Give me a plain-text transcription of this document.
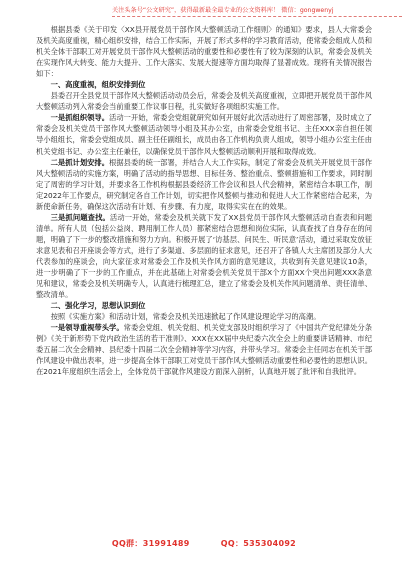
关注头条号“公文研究”，获得最新最全最专业的公文资料库！ 微信：gongwenyj

根据县委《关于印发〈XX县开展党员干部作风大整顿活动工作细则〉的通知》要求，县人大常委会及机关高度重视，精心组织安排，结合工作实际，开展了形式多样的学习教育活动，使常委会组成人员和机关全体干部职工对开展党员干部作风大整顿活动的重要性和必要性有了较为深刻的认识，常委会及机关在实现作风大转变、能力大提升、工作大落实、发展大提速等方面均取得了显著成效。现将有关情况报告如下：

一、高度重视，组织安排到位

县委召开全县党员干部作风大整顿活动动员会后，常委会及机关高度重视，立即把开展党员干部作风大整顿活动列入常委会当前重要工作议事日程，扎实做好各项组织实施工作。

一是抓组织领导。活动一开始，常委会党组就研究如何开展好此次活动进行了周密部署，及时成立了常委会及机关党员干部作风大整顿活动领导小组及其办公室，由常委会党组书记、主任XXX亲自担任领导小组组长，常委会党组成员、副主任任副组长，成员由各工作机构负责人组成，领导小组办公室主任由机关党组书记、办公室主任兼任，以确保党员干部作风大整顿活动顺利开展和取得成效。

二是抓计划安排。根据县委的统一部署，并结合人大工作实际，制定了常委会及机关开展党员干部作风大整顿活动的实施方案，明确了活动的指导思想、目标任务、整治重点、整顿措施和工作要求，同时制定了周密的学习计划，并要求各工作机构根据县委经济工作会议和县人代会精神，紧密结合本职工作，制定2022年工作要点，研究制定各自工作计划，切实把作风整顿与推动和促进人大工作紧密结合起来，为新使命新任务，确保这次活动有计划、有步骤、有力度，取得实实在在的效果。

三是抓问题查找。活动一开始，常委会及机关就下发了XX县党员干部作风大整顿活动自查表和问题清单。所有人员（包括公益岗、聘用制工作人员）都紧密结合思想和岗位实际，认真查找了自身存在的问题，明确了下一步的整改措施和努力方向。积极开展了‘访基层、问民生、听民意’活动，通过采取发放征求意见表和召开座谈会等方式，进行了多渠道、多层面的征求意见，还召开了各镇人大主席团及部分人大代表参加的座谈会，向大家征求对常委会工作及机关作风方面的意见建议，共收到有关意见建议10条，进一步明确了下一步的工作重点，并在此基础上对常委会机关党员干部X个方面XX个突出问题XXX条意见和建议，常委会及机关明确专人，认真进行梳理汇总，建立了常委会及机关作风问题清单、责任清单、整改清单。

二、强化学习，思想认识到位

按照《实施方案》和活动计划，常委会及机关迅速掀起了作风建设理论学习的高潮。

一是领导重视带头学。常委会党组、机关党组、机关党支部及时组织学习了《中国共产党纪律处分条例》《关于新形势下党内政治生活的若干准则》、XXX在XX届中央纪委六次全会上的重要讲话精神、市纪委五届二次全会精神、县纪委十四届二次全会精神等学习内容，并带头学习。常委会主任同志在机关干部作风建设中做出表率，进一步提高全体干部职工对党员干部作风大整顿活动重要性和必要性的思想认识。在2021年度组织生活会上，全体党员干部就作风建设方面深入剖析，认真地开展了批评和自我批评。

QQ群：31991489	QQ：535304092
